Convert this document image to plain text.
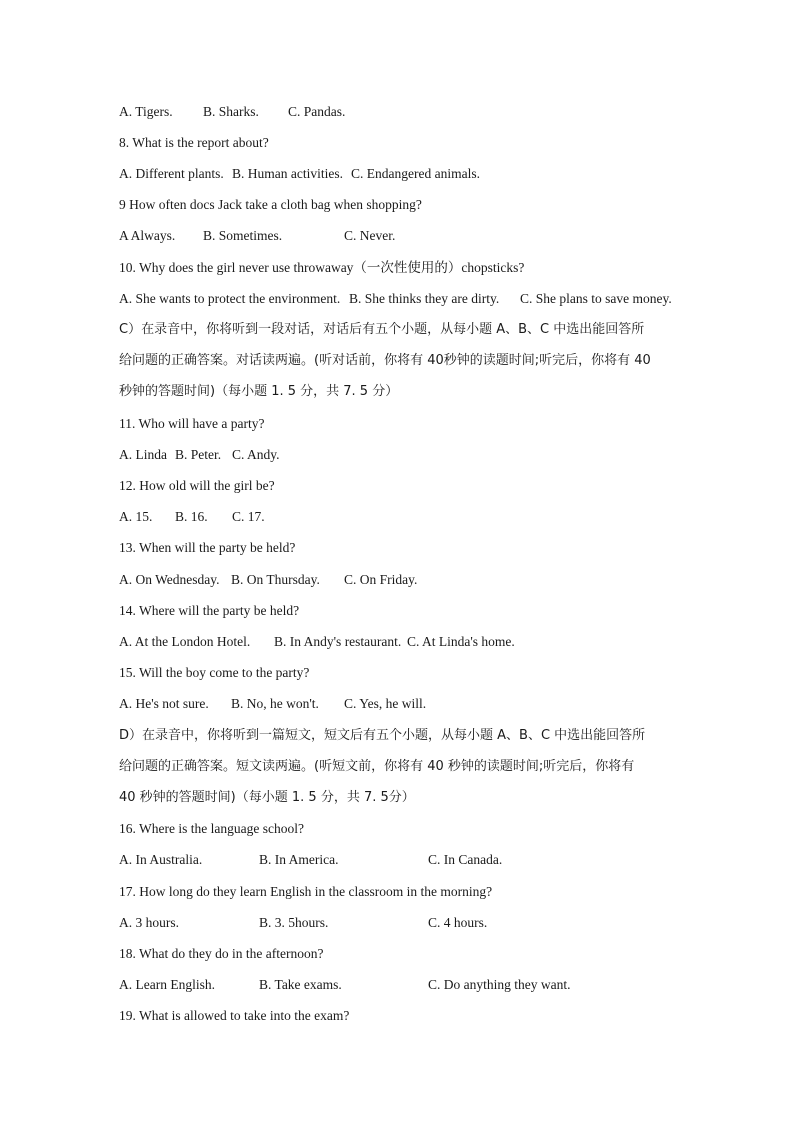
A. Tigers. B. Sharks. C. Pandas.
8. What is the report about?
A. Different plants. B. Human activities. C. Endangered animals.
9 How often docs Jack take a cloth bag when shopping?
A Always. B. Sometimes.	C. Never.
10. Why does the girl never use throwaway（一次性使用的）chopsticks?
A. She wants to protect the environment. B. She thinks they are dirty. C. She plans to save money.
C）在录音中，你将听到一段对话，对话后有五个小题，从每小题 A、B、C 中选出能回答所
给问题的正确答案。对话读两遍。(听对话前，你将有 40秒钟的读题时间;听完后，你将有 40
秒钟的答题时间)（每小题 1. 5 分，共 7. 5 分）
11. Who will have a party?
A. Linda B. Peter. C. Andy.
12. How old will the girl be?
A. 15. B. 16. C. 17.
13. When will the party be held?
A. On Wednesday. B. On Thursday. C. On Friday.
14. Where will the party be held?
A. At the London Hotel. B. In Andy's restaurant. C. At Linda's home.
15. Will the boy come to the party?
A. He's not sure. B. No, he won't. C. Yes, he will.
D）在录音中，你将听到一篇短文，短文后有五个小题，从每小题 A、B、C 中选出能回答所
给问题的正确答案。短文读两遍。(听短文前，你将有 40 秒钟的读题时间;听完后，你将有
40 秒钟的答题时间)（每小题 1. 5 分，共 7. 5分）
16. Where is the language school?
A. In Australia.	B. In America.	C. In Canada.
17. How long do they learn English in the classroom in the morning?
A. 3 hours.	B. 3. 5hours.	C. 4 hours.
18. What do they do in the afternoon?
A. Learn English.	B. Take exams.	C. Do anything they want.
19. What is allowed to take into the exam?
